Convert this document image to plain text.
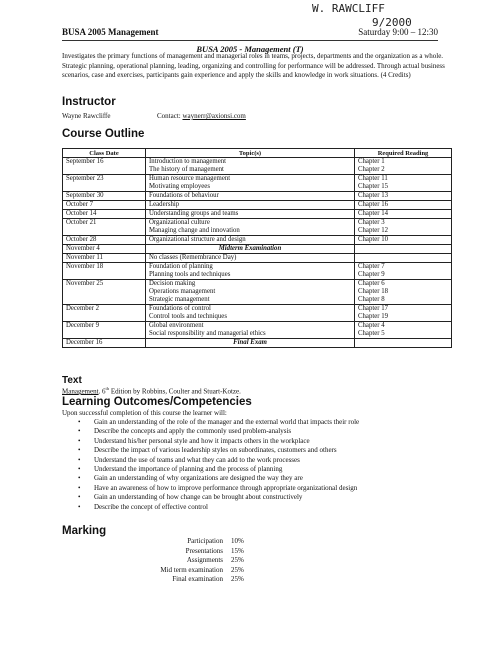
W. RAWCLIFF
9/2000
BUSA 2005 Management	Saturday 9:00 – 12:30
BUSA 2005 - Management (T)
Investigates the primary functions of management and managerial roles in teams, projects, departments and the organization as a whole. Strategic planning, operational planning, leading, organizing and controlling for performance will be addressed. Through actual business scenarios, case and exercises, participants gain experience and apply the skills and knowledge in work situations. (4 Credits)
Instructor
Wayne Rawcliffe	Contact: waynerr@axionsi.com
Course Outline
Class Date	Topic(s)	Required Reading
September 16	Introduction to management	Chapter 1
	The history of management	Chapter 2
September 23	Human resource management	Chapter 11
	Motivating employees	Chapter 15
September 30	Foundations of behaviour	Chapter 13
October 7	Leadership	Chapter 16
October 14	Understanding groups and teams	Chapter 14
October 21	Organizational culture	Chapter 3
	Managing change and innovation	Chapter 12
October 28	Organizational structure and design	Chapter 10
November 4	Midterm Examination	
November 11	No classes (Remembrance Day)	
November 18	Foundation of planning	Chapter 7
	Planning tools and techniques	Chapter 9
November 25	Decision making	Chapter 6
	Operations management	Chapter 18
	Strategic management	Chapter 8
December 2	Foundations of control	Chapter 17
	Control tools and techniques	Chapter 19
December 9	Global environment	Chapter 4
	Social responsibility and managerial ethics	Chapter 5
December 16	Final Exam	
Text
Management. 6th Edition by Robbins, Coulter and Stuart-Kotze.
Learning Outcomes/Competencies
Upon successful completion of this course the learner will:
• Gain an understanding of the role of the manager and the external world that impacts their role
• Describe the concepts and apply the commonly used problem-analysis
• Understand his/her personal style and how it impacts others in the workplace
• Describe the impact of various leadership styles on subordinates, customers and others
• Understand the use of teams and what they can add to the work processes
• Understand the importance of planning and the process of planning
• Gain an understanding of why organizations are designed the way they are
• Have an awareness of how to improve performance through appropriate organizational design
• Gain an understanding of how change can be brought about constructively
• Describe the concept of effective control
Marking
Participation	10%
Presentations	15%
Assignments	25%
Mid term examination	25%
Final examination	25%
